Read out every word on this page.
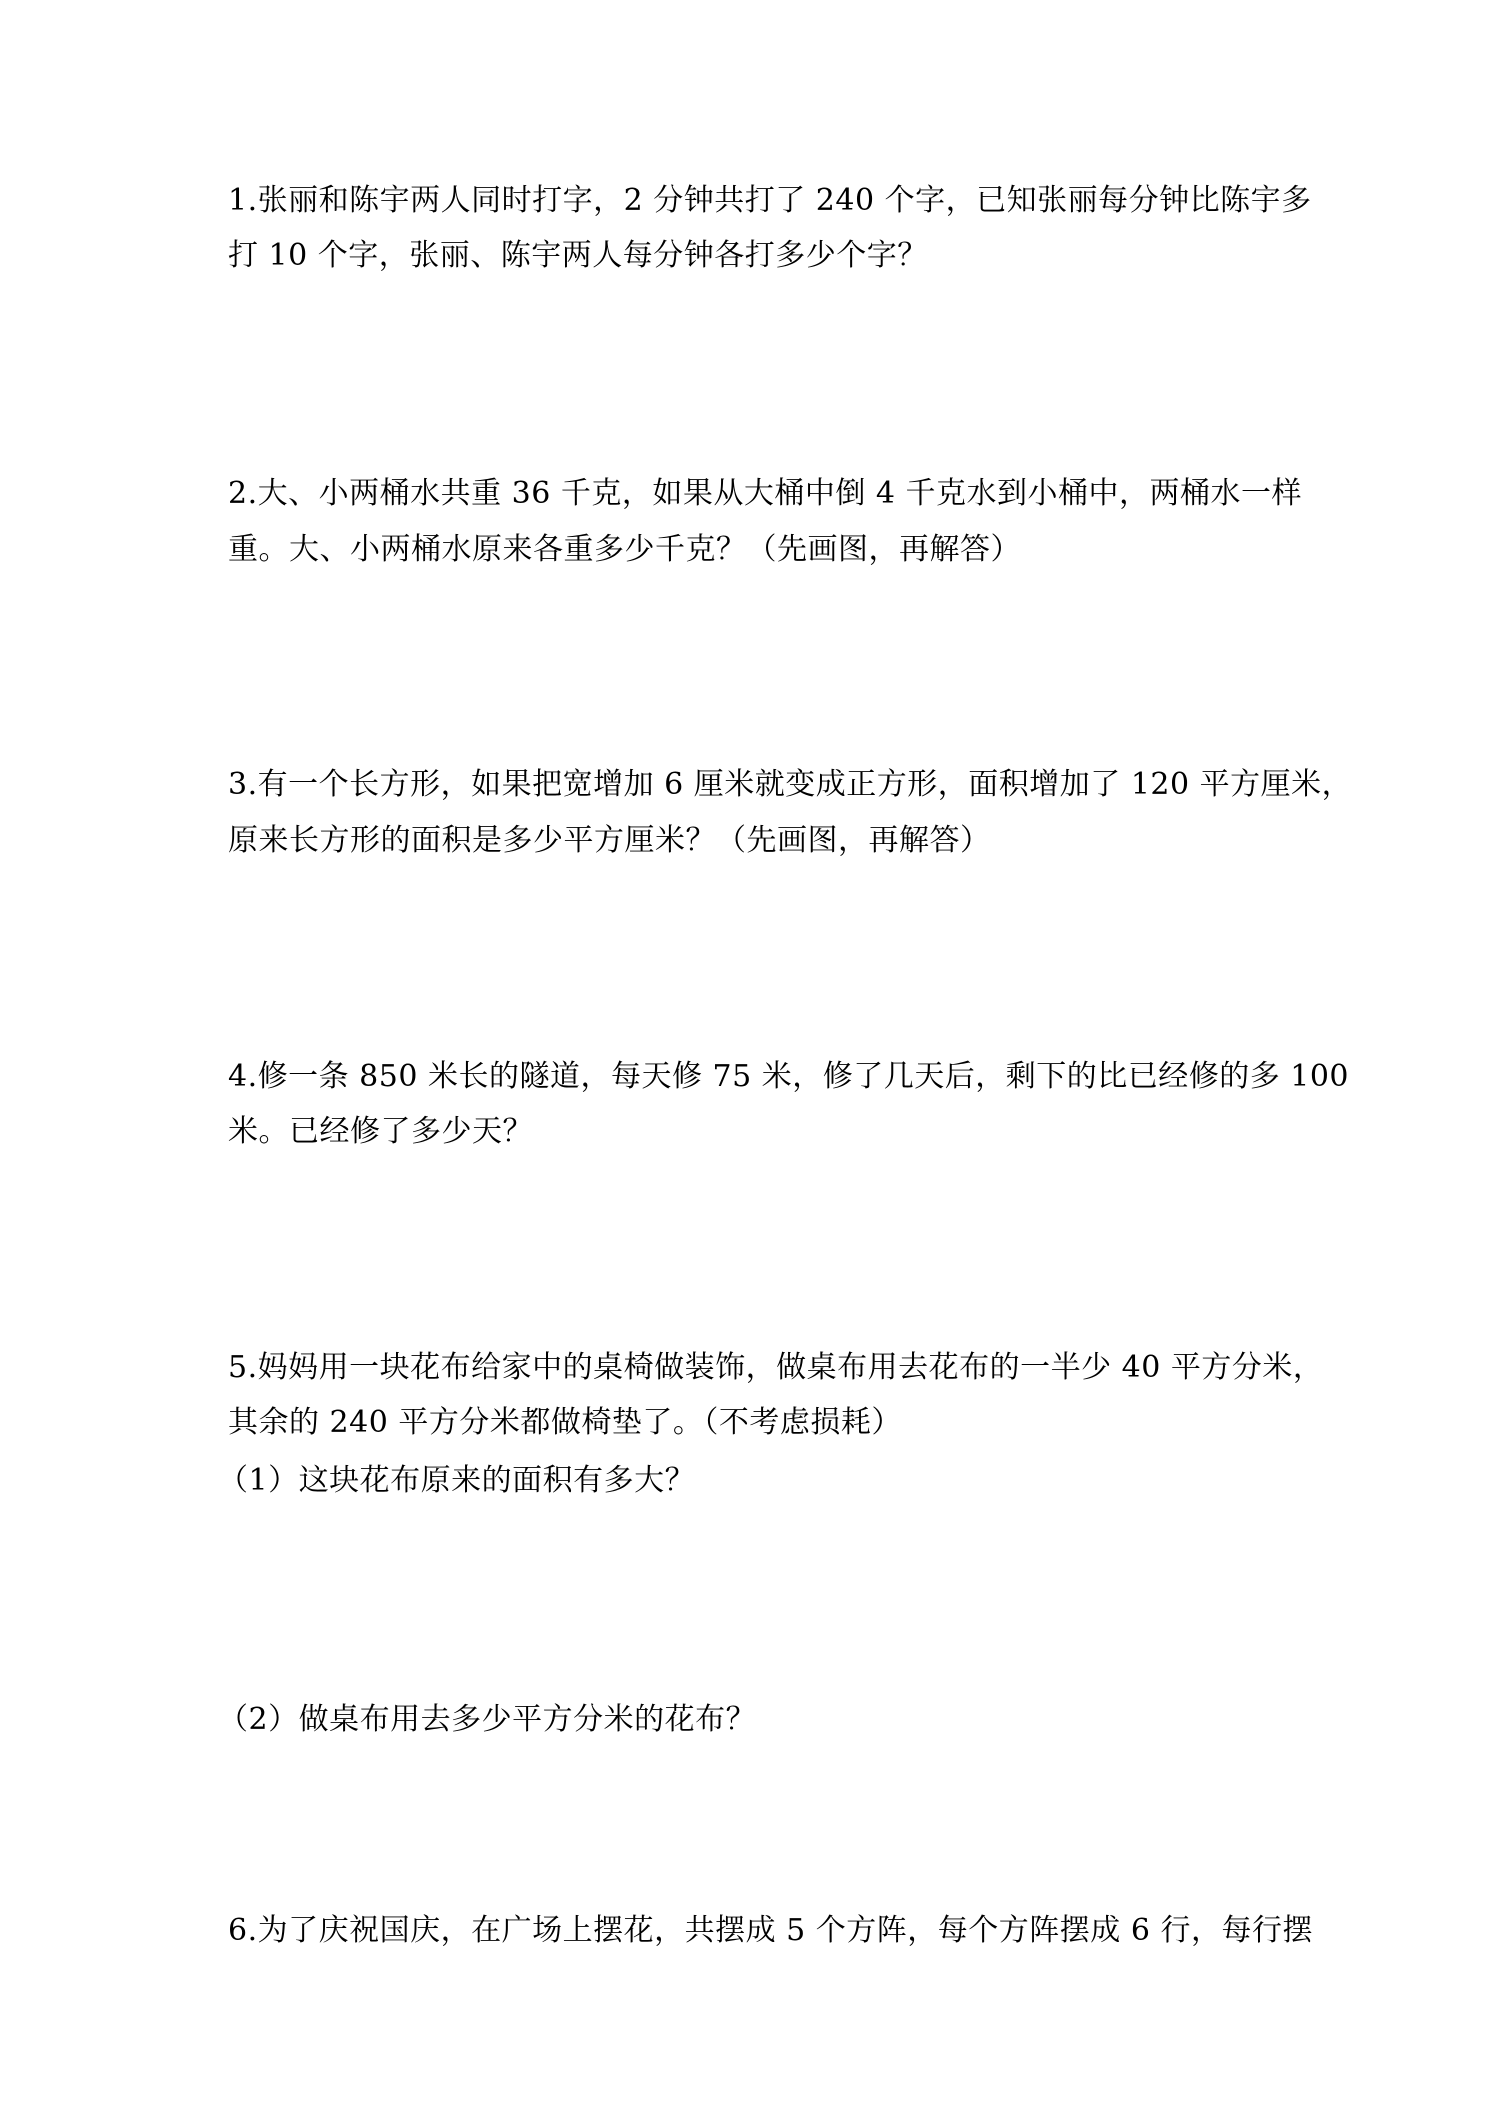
1.张丽和陈宇两人同时打字，2 分钟共打了 240 个字，已知张丽每分钟比陈宇多
打 10 个字，张丽、陈宇两人每分钟各打多少个字？
2.大、小两桶水共重 36 千克，如果从大桶中倒 4 千克水到小桶中，两桶水一样
重。大、小两桶水原来各重多少千克？（先画图，再解答）
3.有一个长方形，如果把宽增加 6 厘米就变成正方形，面积增加了 120 平方厘米，
原来长方形的面积是多少平方厘米？（先画图，再解答）
4.修一条 850 米长的隧道，每天修 75 米，修了几天后，剩下的比已经修的多 100
米。已经修了多少天？
5.妈妈用一块花布给家中的桌椅做装饰，做桌布用去花布的一半少 40 平方分米，
其余的 240 平方分米都做椅垫了。（不考虑损耗）
（1）这块花布原来的面积有多大？
（2）做桌布用去多少平方分米的花布？
6.为了庆祝国庆，在广场上摆花，共摆成 5 个方阵，每个方阵摆成 6 行，每行摆
